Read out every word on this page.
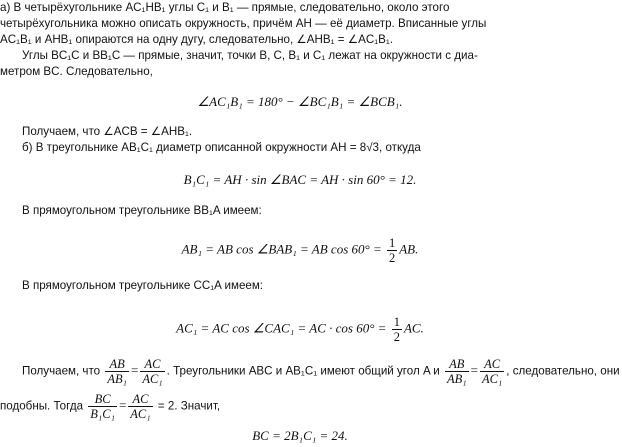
а) В четырёхугольнике AC₁HB₁ углы C₁ и B₁ — прямые, следовательно, около этого
четырёхугольника можно описать окружность, причём AH — её диаметр. Вписанные углы
AC₁B₁ и AHB₁ опираются на одну дугу, следовательно, ∠AHB₁ = ∠AC₁B₁.
Углы BC₁C и BB₁C — прямые, значит, точки B, C, B₁ и C₁ лежат на окружности с диа-
метром BC. Следовательно,
∠AC₁B₁ = 180° − ∠BC₁B₁ = ∠BCB₁.
Получаем, что ∠ACB = ∠AHB₁.
б) В треугольнике AB₁C₁ диаметр описанной окружности AH = 8√3, откуда
B₁C₁ = AH · sin ∠BAC = AH · sin 60° = 12.
В прямоугольном треугольнике BB₁A имеем:
AB₁ = AB cos ∠BAB₁ = AB $\cos 60^\circ = \frac{1}{2}$ AB.
В прямоугольном треугольнике CC₁A имеем:
AC₁ = AC cos ∠CAC₁ = AC · $\cos 60^\circ = \frac{1}{2}$ AC.
Получаем, что $\frac{AB}{\text{AB₁}} = \frac{AC}{\text{AC₁}}$ . Треугольники ABC и AB₁C₁ имеют общий угол A и $\frac{AB}{\text{AB₁}} = \frac{AC}{\text{AC₁}}$ , следовательно, они
подобны. Тогда $\frac{BC}{\text{B₁C₁}} = \frac{AC}{\text{AC₁}} = 2$. Значит,
BC = 2B₁C₁ = 24.
